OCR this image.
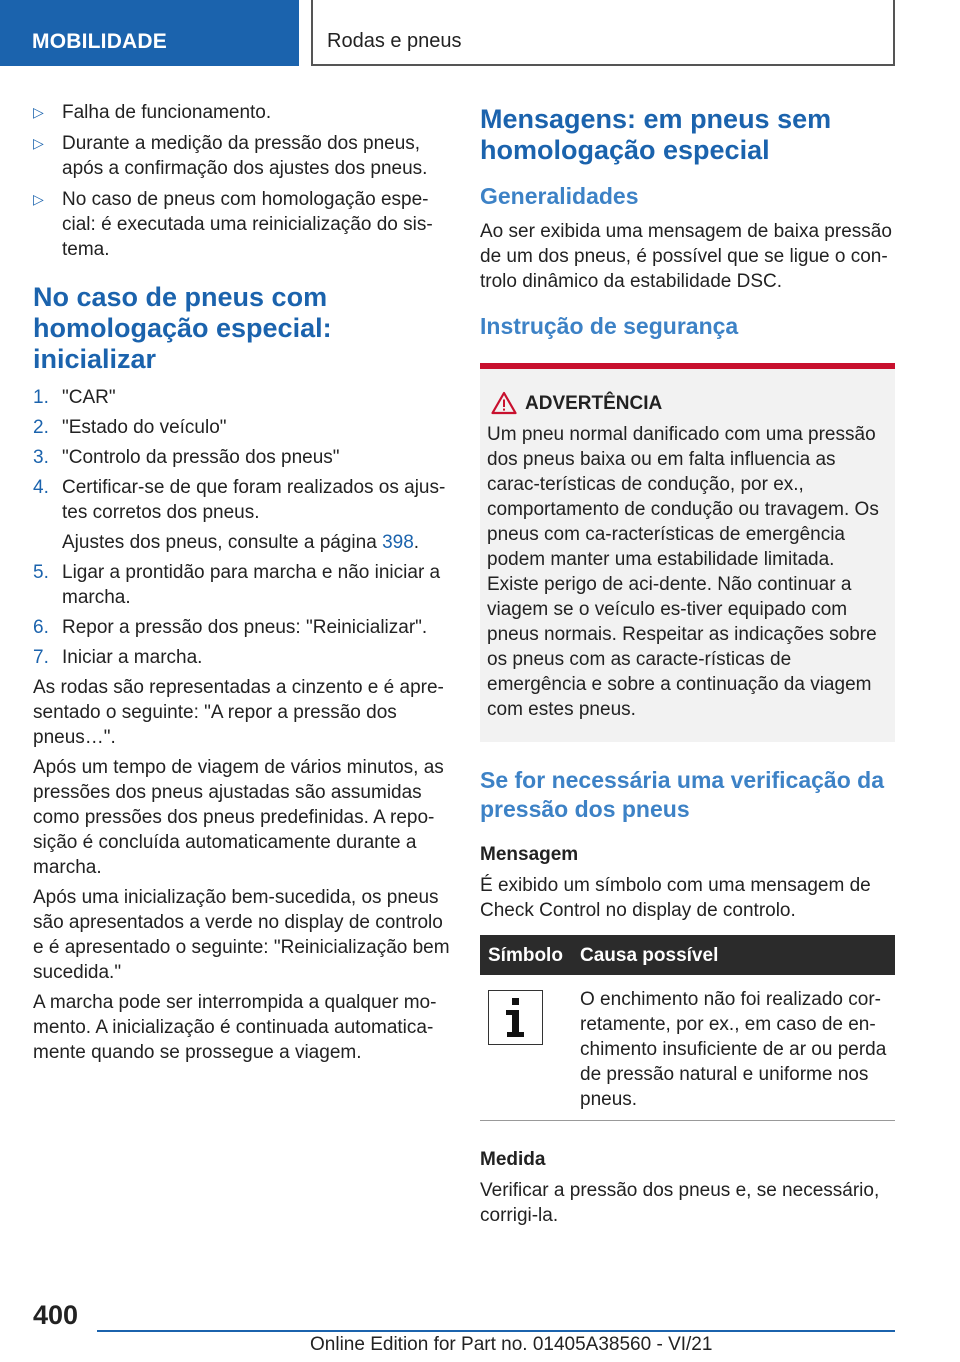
MOBILIDADE	Rodas e pneus
▷ Falha de funcionamento.
▷ Durante a medição da pressão dos pneus, após a confirmação dos ajustes dos pneus.
▷ No caso de pneus com homologação espe-cial: é executada uma reinicialização do sis-tema.
No caso de pneus com homologação especial: inicializar
1. "CAR"
2. "Estado do veículo"
3. "Controlo da pressão dos pneus"
4. Certificar-se de que foram realizados os ajus-tes corretos dos pneus.
Ajustes dos pneus, consulte a página 398.
5. Ligar a prontidão para marcha e não iniciar a marcha.
6. Repor a pressão dos pneus: "Reinicializar".
7. Iniciar a marcha.

As rodas são representadas a cinzento e é apre-sentado o seguinte: "A repor a pressão dos pneus…".

Após um tempo de viagem de vários minutos, as pressões dos pneus ajustadas são assumidas como pressões dos pneus predefinidas. A repo-sição é concluída automaticamente durante a marcha.

Após uma inicialização bem-sucedida, os pneus são apresentados a verde no display de controlo e é apresentado o seguinte: "Reinicialização bem sucedida."

A marcha pode ser interrompida a qualquer mo-mento. A inicialização é continuada automatica-mente quando se prossegue a viagem.

Mensagens: em pneus sem homologação especial
Generalidades

Ao ser exibida uma mensagem de baixa pressão de um dos pneus, é possível que se ligue o con-trolo dinâmico da estabilidade DSC.

Instrução de segurança
ADVERTÊNCIA

Um pneu normal danificado com uma pressão dos pneus baixa ou em falta influencia as carac-terísticas de condução, por ex., comportamento de condução ou travagem. Os pneus com ca-racterísticas de emergência podem manter uma estabilidade limitada. Existe perigo de aci-dente. Não continuar a viagem se o veículo es-tiver equipado com pneus normais. Respeitar as indicações sobre os pneus com as caracte-rísticas de emergência e sobre a continuação da viagem com estes pneus.

Se for necessária uma verificação da pressão dos pneus
Mensagem

É exibido um símbolo com uma mensagem de Check Control no display de controlo.

Símbolo Causa possível
O enchimento não foi realizado cor-retamente, por ex., em caso de en-chimento insuficiente de ar ou perda de pressão natural e uniforme nos pneus.
Medida

Verificar a pressão dos pneus e, se necessário, corrigi-la.

400
Online Edition for Part no. 01405A38560 - VI/21
